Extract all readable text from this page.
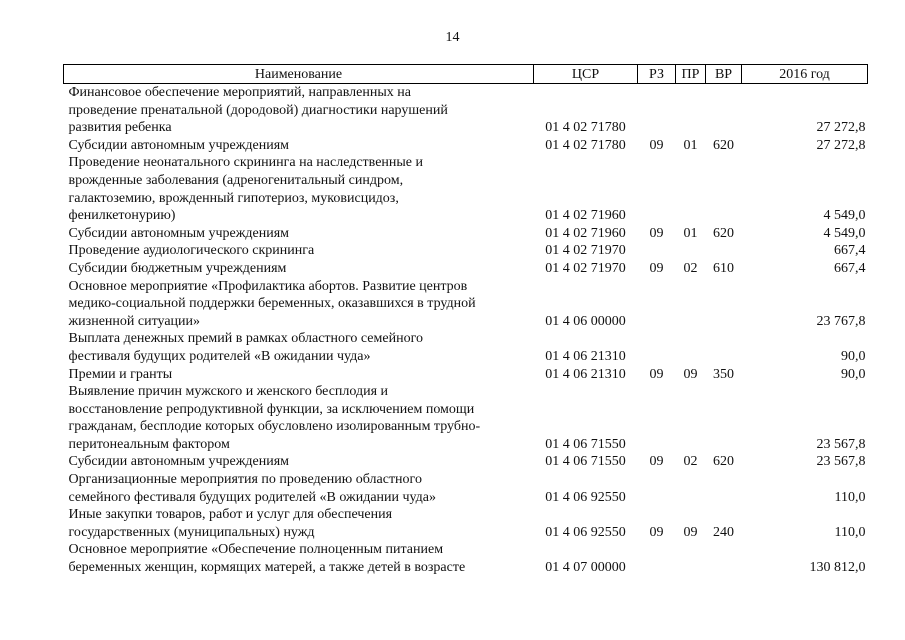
14
Наименование	ЦСР	РЗ	ПР	ВР	2016 год

Финансовое обеспечение мероприятий, направленных на
проведение пренатальной (дородовой) диагностики нарушений
развития ребенка	01 4 02 71780				27 272,8

Субсидии автономным учреждениям	01 4 02 71780	09	01	620	27 272,8

Проведение неонатального скрининга на наследственные и
врожденные заболевания (адреногенитальный синдром,
галактоземию, врожденный гипотериоз, муковисцидоз,
фенилкетонурию)	01 4 02 71960				4 549,0

Субсидии автономным учреждениям	01 4 02 71960	09	01	620	4 549,0

Проведение аудиологического скрининга	01 4 02 71970				667,4

Субсидии бюджетным учреждениям	01 4 02 71970	09	02	610	667,4

Основное мероприятие «Профилактика абортов. Развитие центров
медико-социальной поддержки беременных, оказавшихся в трудной
жизненной ситуации»	01 4 06 00000				23 767,8

Выплата денежных премий в рамках областного семейного
фестиваля будущих родителей «В ожидании чуда»	01 4 06 21310				90,0

Премии и гранты	01 4 06 21310	09	09	350	90,0

Выявление причин мужского и женского бесплодия и
восстановление репродуктивной функции, за исключением помощи
гражданам, бесплодие которых обусловлено изолированным трубно-
перитонеальным фактором	01 4 06 71550				23 567,8

Субсидии автономным учреждениям	01 4 06 71550	09	02	620	23 567,8

Организационные мероприятия по проведению областного
семейного фестиваля будущих родителей «В ожидании чуда»	01 4 06 92550				110,0

Иные закупки товаров, работ и услуг для обеспечения
государственных (муниципальных) нужд	01 4 06 92550	09	09	240	110,0

Основное мероприятие «Обеспечение полноценным питанием
беременных женщин, кормящих матерей, а также детей в возрасте	01 4 07 00000				130 812,0
